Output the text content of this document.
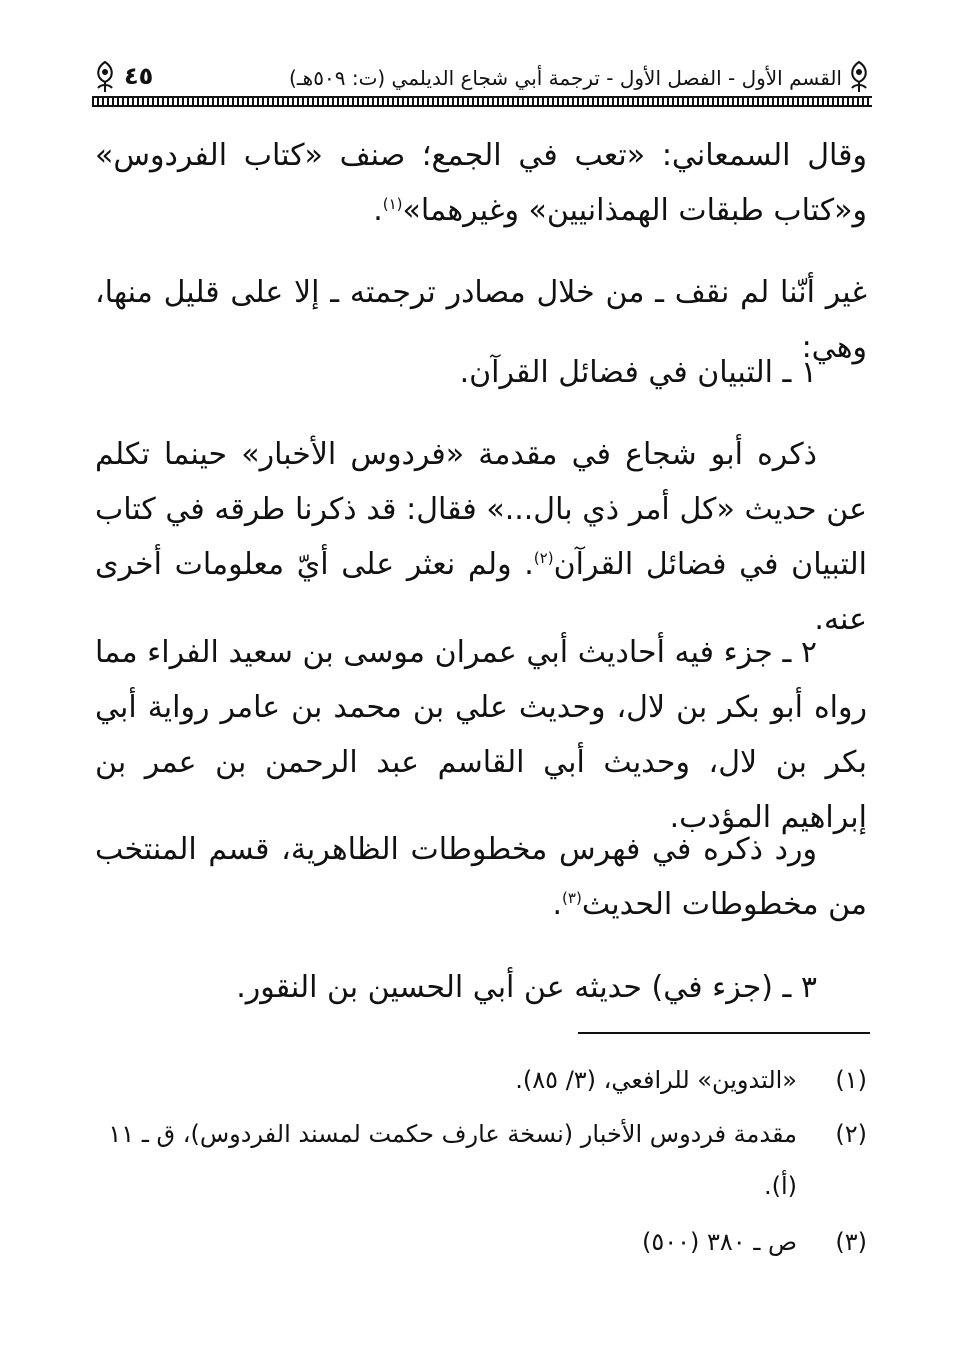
القسم الأول - الفصل الأول - ترجمة أبي شجاع الديلمي (ت: ٥٠٩هـ)
٤٥

وقال السمعاني: «تعب في الجمع؛ صنف «كتاب الفردوس» و«كتاب طبقات الهمذانيين» وغيرهما»$^{(١)}$.

غير أنّنا لم نقف ـ من خلال مصادر ترجمته ـ إلا على قليل منها، وهي:

١ ـ التبيان في فضائل القرآن.

ذكره أبو شجاع في مقدمة «فردوس الأخبار» حينما تكلم عن حديث «كل أمر ذي بال...» فقال: قد ذكرنا طرقه في كتاب التبيان في فضائل القرآن$^{(٢)}$. ولم نعثر على أيّ معلومات أخرى عنه.

٢ ـ جزء فيه أحاديث أبي عمران موسى بن سعيد الفراء مما رواه أبو بكر بن لال، وحديث علي بن محمد بن عامر رواية أبي بكر بن لال، وحديث أبي القاسم عبد الرحمن بن عمر بن إبراهيم المؤدب.

ورد ذكره في فهرس مخطوطات الظاهرية، قسم المنتخب من مخطوطات الحديث$^{(٣)}$.

٣ ـ (جزء في) حديثه عن أبي الحسين بن النقور.

(١)
«التدوين» للرافعي، (٣/ ٨٥).
(٢)
مقدمة فردوس الأخبار (نسخة عارف حكمت لمسند الفردوس)، ق ـ ١١
(أ).
(٣)
ص ـ ٣٨٠ (٥٠٠)
